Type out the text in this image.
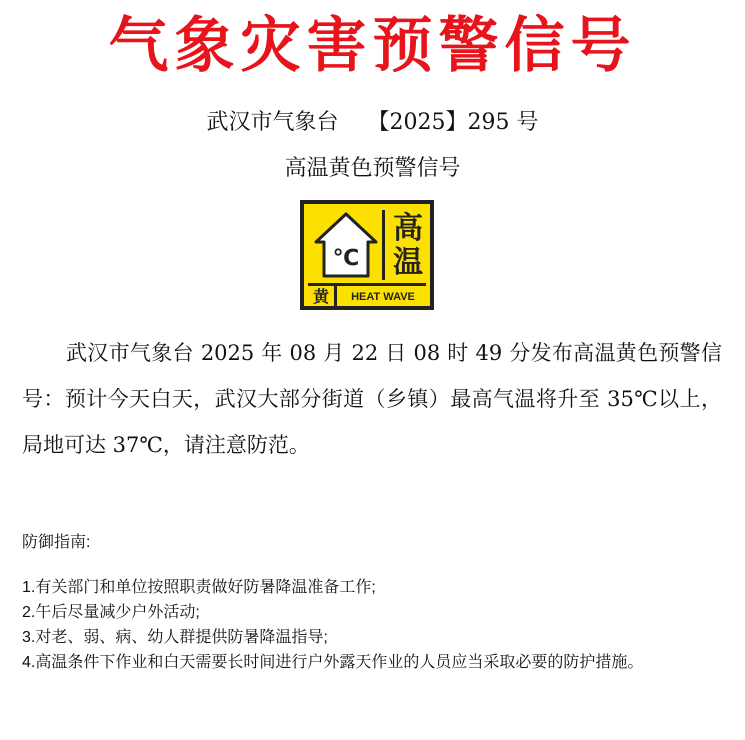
气象灾害预警信号
武汉市气象台　 【2025】295 号
高温黄色预警信号
℃
高
温
黄	HEAT WAVE

武汉市气象台 2025 年 08 月 22 日 08 时 49 分发布高温黄色预警信号：预计今天白天，武汉大部分街道（乡镇）最高气温将升至 35℃以上，局地可达 37℃，请注意防范。

防御指南:
1.有关部门和单位按照职责做好防暑降温准备工作;
2.午后尽量减少户外活动;
3.对老、弱、病、幼人群提供防暑降温指导;
4.高温条件下作业和白天需要长时间进行户外露天作业的人员应当采取必要的防护措施。
